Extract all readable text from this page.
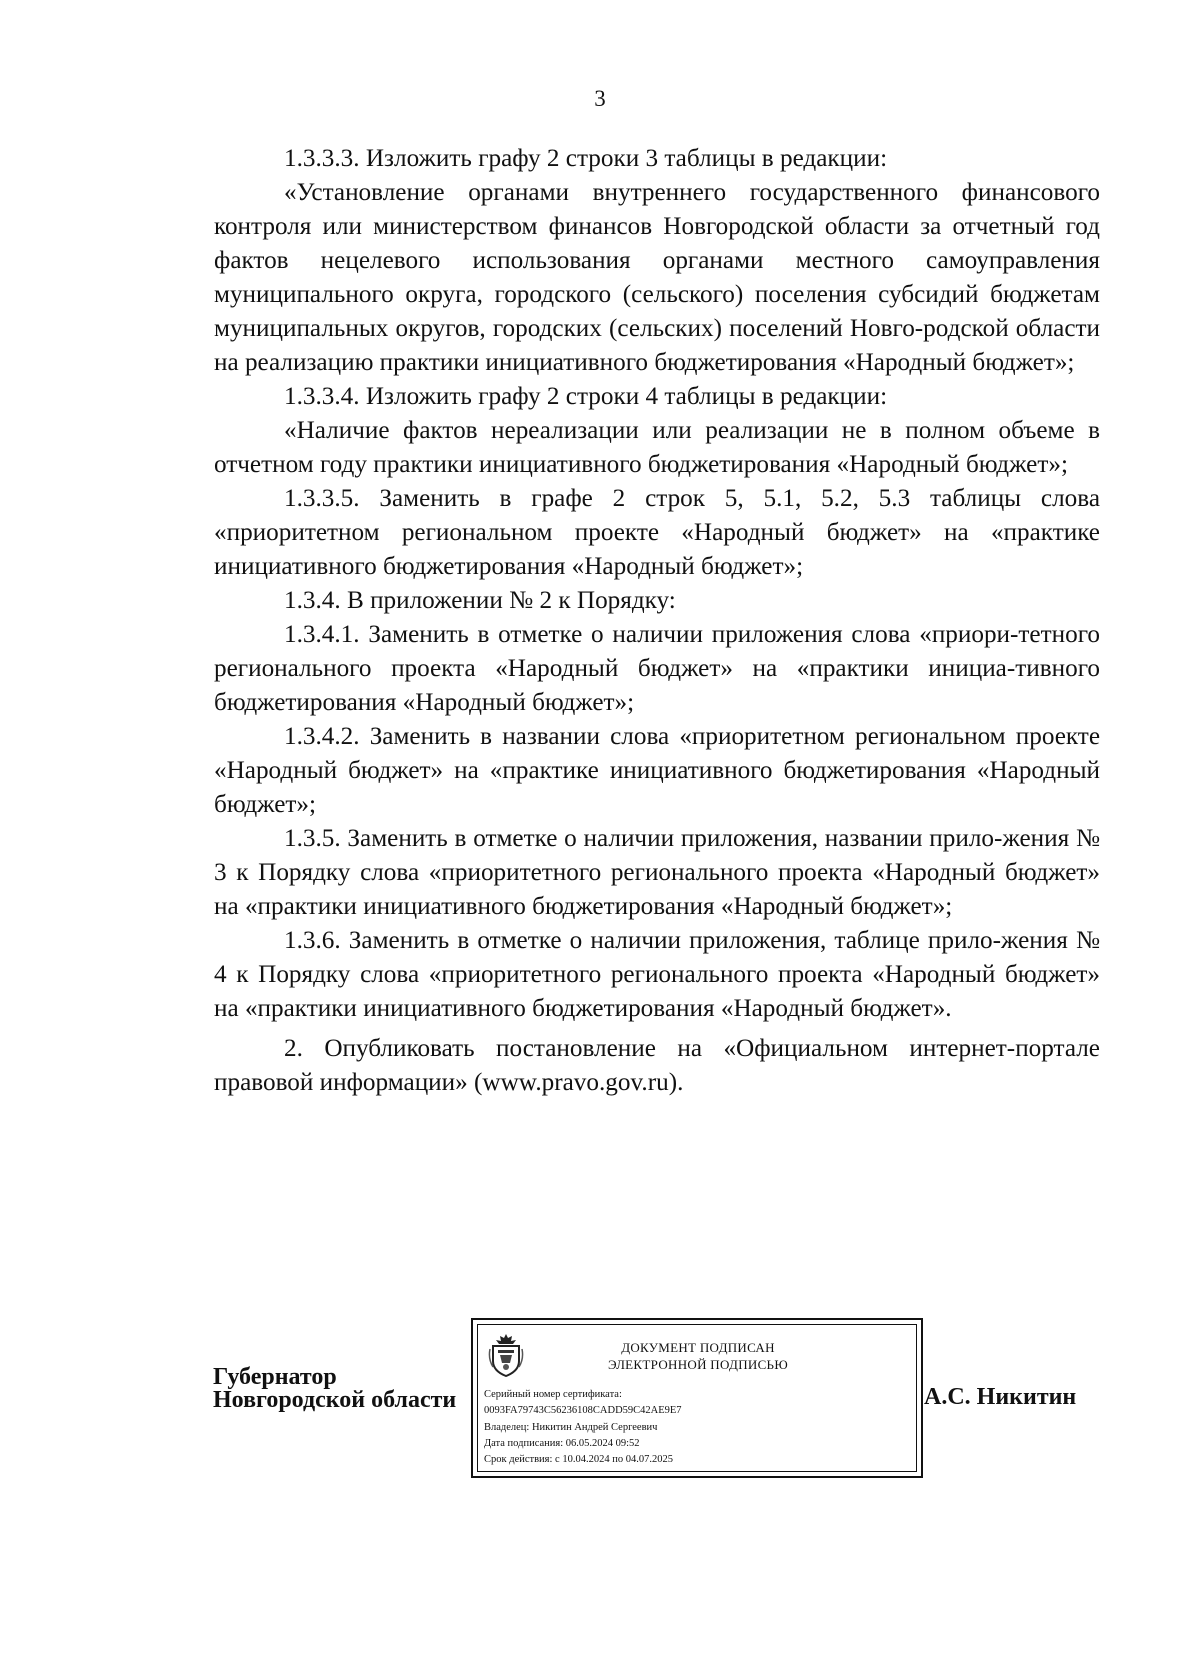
3

1.3.3.3. Изложить графу 2 строки 3 таблицы в редакции:

«Установление органами внутреннего государственного финансового контроля или министерством финансов Новгородской области за отчетный год фактов нецелевого использования органами местного самоуправления муниципального округа, городского (сельского) поселения субсидий бюджетам муниципальных округов, городских (сельских) поселений Новго-родской области на реализацию практики инициативного бюджетирования «Народный бюджет»;

1.3.3.4. Изложить графу 2 строки 4 таблицы в редакции:

«Наличие фактов нереализации или реализации не в полном объеме в отчетном году практики инициативного бюджетирования «Народный бюджет»;

1.3.3.5. Заменить в графе 2 строк 5, 5.1, 5.2, 5.3 таблицы слова «приоритетном региональном проекте «Народный бюджет» на «практике инициативного бюджетирования «Народный бюджет»;

1.3.4. В приложении № 2 к Порядку:

1.3.4.1. Заменить в отметке о наличии приложения слова «приори-тетного регионального проекта «Народный бюджет» на «практики инициа-тивного бюджетирования «Народный бюджет»;

1.3.4.2. Заменить в названии слова «приоритетном региональном проекте «Народный бюджет» на «практике инициативного бюджетирования «Народный бюджет»;

1.3.5. Заменить в отметке о наличии приложения, названии прило-жения № 3 к Порядку слова «приоритетного регионального проекта «Народный бюджет» на «практики инициативного бюджетирования «Народный бюджет»;

1.3.6. Заменить в отметке о наличии приложения, таблице прило-жения № 4 к Порядку слова «приоритетного регионального проекта «Народный бюджет» на «практики инициативного бюджетирования «Народный бюджет».

2. Опубликовать постановление на «Официальном интернет-портале правовой информации» (www.pravo.gov.ru).

Губернатор
Новгородской области
ДОКУМЕНТ ПОДПИСАН
ЭЛЕКТРОННОЙ ПОДПИСЬЮ
Серийный номер сертификата:
0093FA79743C56236108CADD59C42AE9E7
Владелец: Никитин Андрей Сергеевич
Дата подписания: 06.05.2024 09:52
Срок действия: с 10.04.2024 по 04.07.2025
А.С. Никитин
